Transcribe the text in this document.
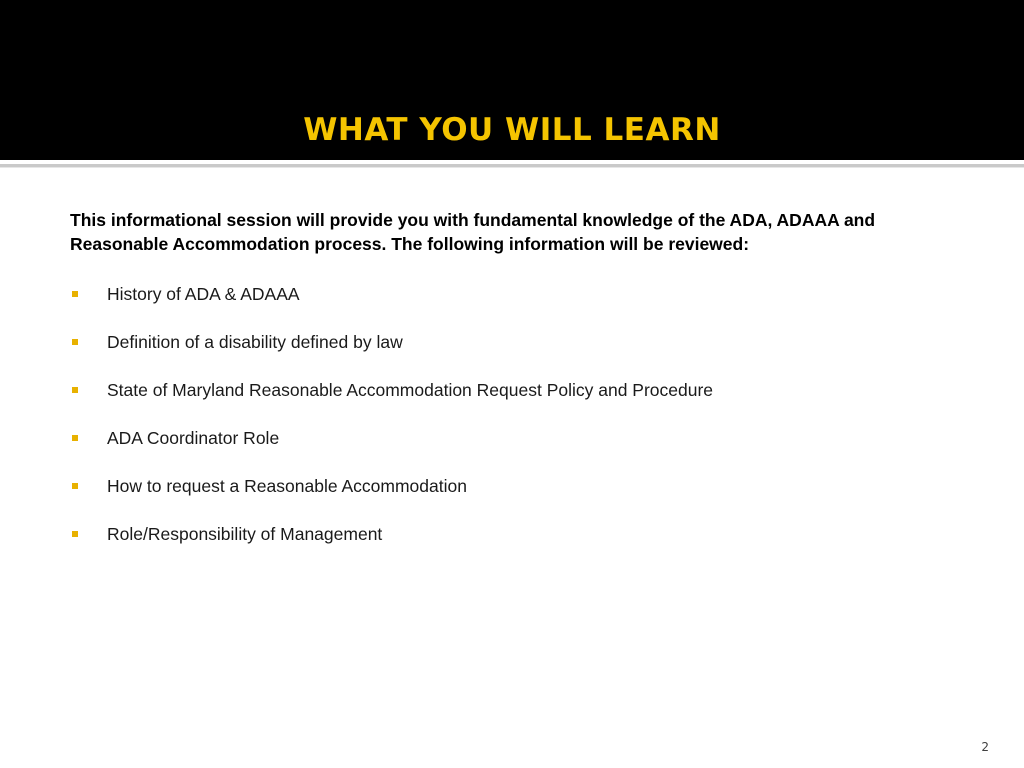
WHAT YOU WILL LEARN

This informational session will provide you with fundamental knowledge of the ADA, ADAAA and Reasonable Accommodation process. The following information will be reviewed:

History of ADA & ADAAA
Definition of a disability defined by law
State of Maryland Reasonable Accommodation Request Policy and Procedure
ADA Coordinator Role
How to request a Reasonable Accommodation
Role/Responsibility of Management
2
